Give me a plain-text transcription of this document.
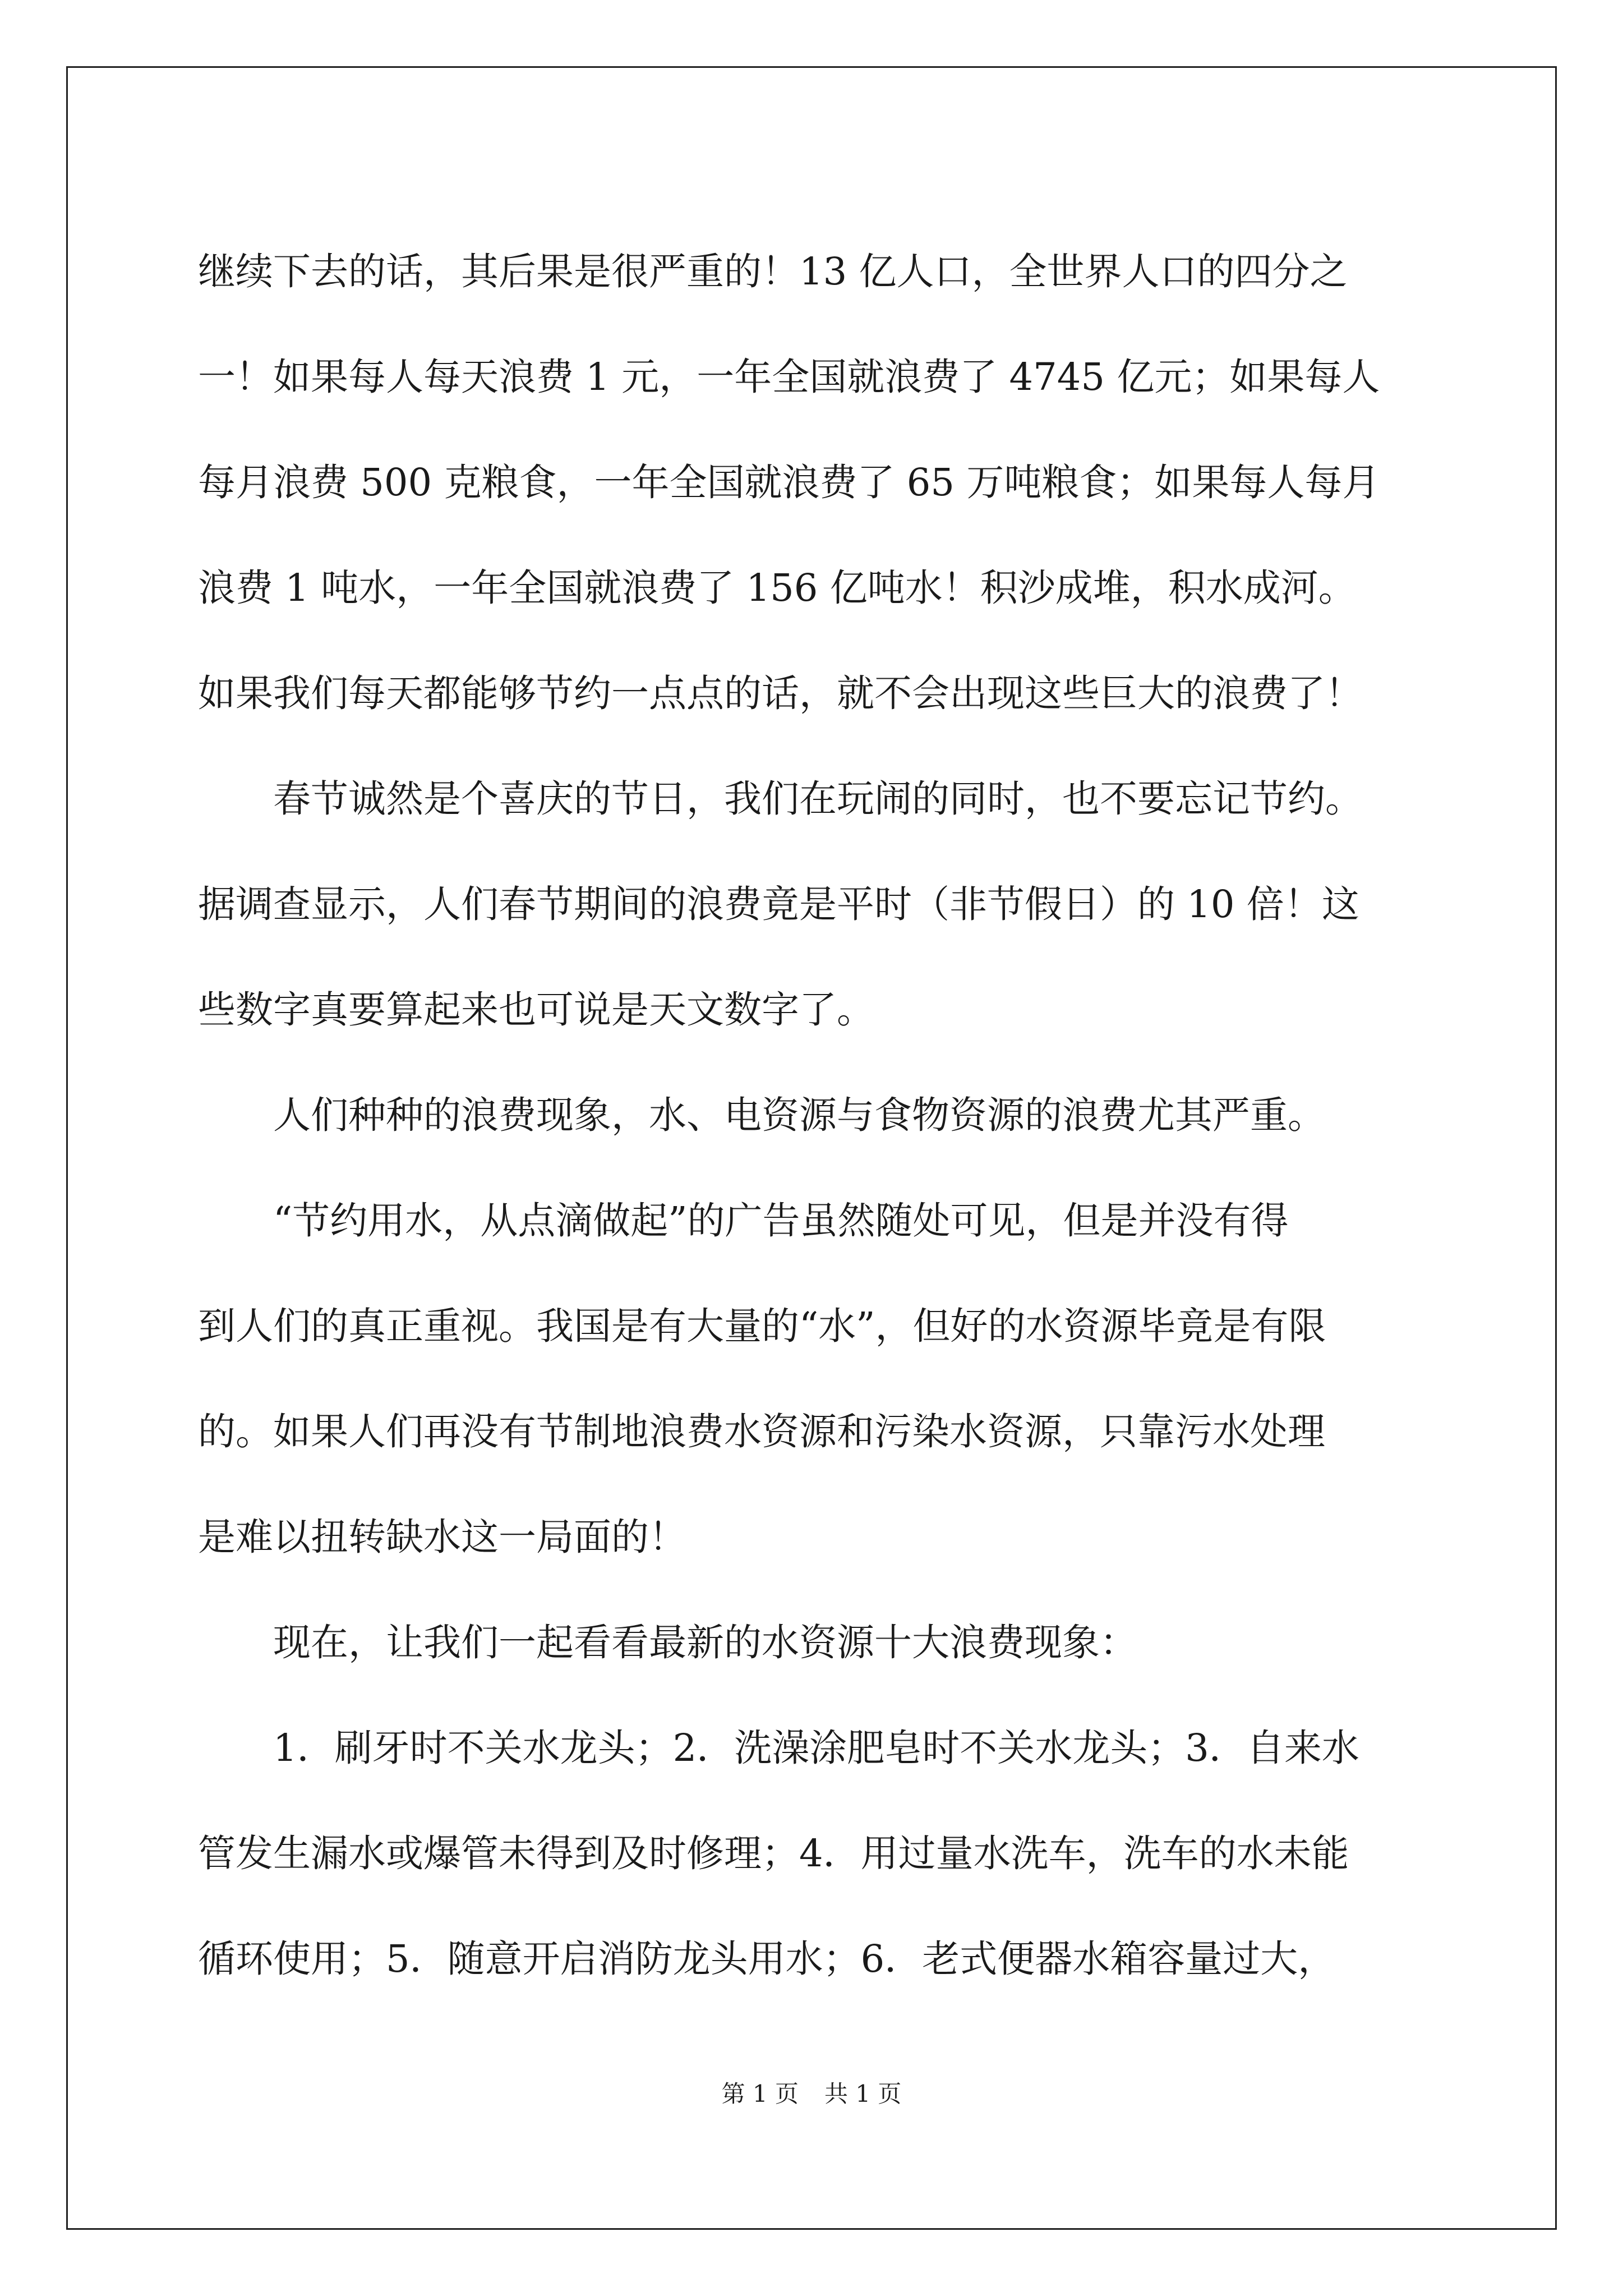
继续下去的话，其后果是很严重的！13 亿人口，全世界人口的四分之
一！如果每人每天浪费 1 元，一年全国就浪费了 4745 亿元；如果每人
每月浪费 500 克粮食，一年全国就浪费了 65 万吨粮食；如果每人每月
浪费 1 吨水，一年全国就浪费了 156 亿吨水！积沙成堆，积水成河。
如果我们每天都能够节约一点点的话，就不会出现这些巨大的浪费了！
　　春节诚然是个喜庆的节日，我们在玩闹的同时，也不要忘记节约。
据调查显示，人们春节期间的浪费竟是平时（非节假日）的 10 倍！这
些数字真要算起来也可说是天文数字了。
　　人们种种的浪费现象，水、电资源与食物资源的浪费尤其严重。
　　“节约用水，从点滴做起”的广告虽然随处可见，但是并没有得
到人们的真正重视。我国是有大量的“水”，但好的水资源毕竟是有限
的。如果人们再没有节制地浪费水资源和污染水资源，只靠污水处理
是难以扭转缺水这一局面的！
　　现在，让我们一起看看最新的水资源十大浪费现象：
　　1．刷牙时不关水龙头；2．洗澡涂肥皂时不关水龙头；3．自来水
管发生漏水或爆管未得到及时修理；4．用过量水洗车，洗车的水未能
循环使用；5．随意开启消防龙头用水；6．老式便器水箱容量过大，
第 1 页 共 1 页
